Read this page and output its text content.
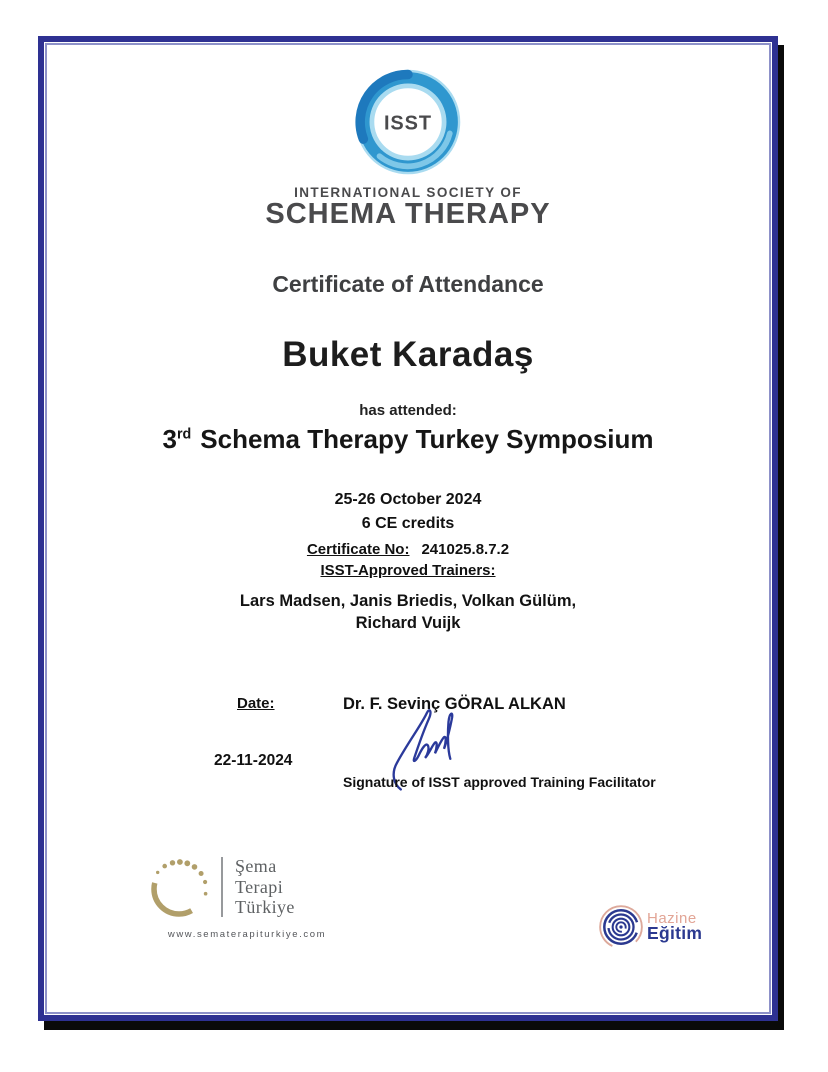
ISST
INTERNATIONAL SOCIETY OF
SCHEMA THERAPY
Certificate of Attendance
Buket Karadaş
has attended:
3rd Schema Therapy Turkey Symposium
25-26 October 2024
6 CE credits
Certificate No: 241025.8.7.2
ISST-Approved Trainers:
Lars Madsen, Janis Briedis, Volkan Gülüm,
Richard Vuijk
Date:	Dr. F. Sevinç GÖRAL ALKAN
22-11-2024
Signature of ISST approved Training Facilitator
Şema
Terapi
Türkiye
www.sematerapiturkiye.com
Hazine
Eğitim
